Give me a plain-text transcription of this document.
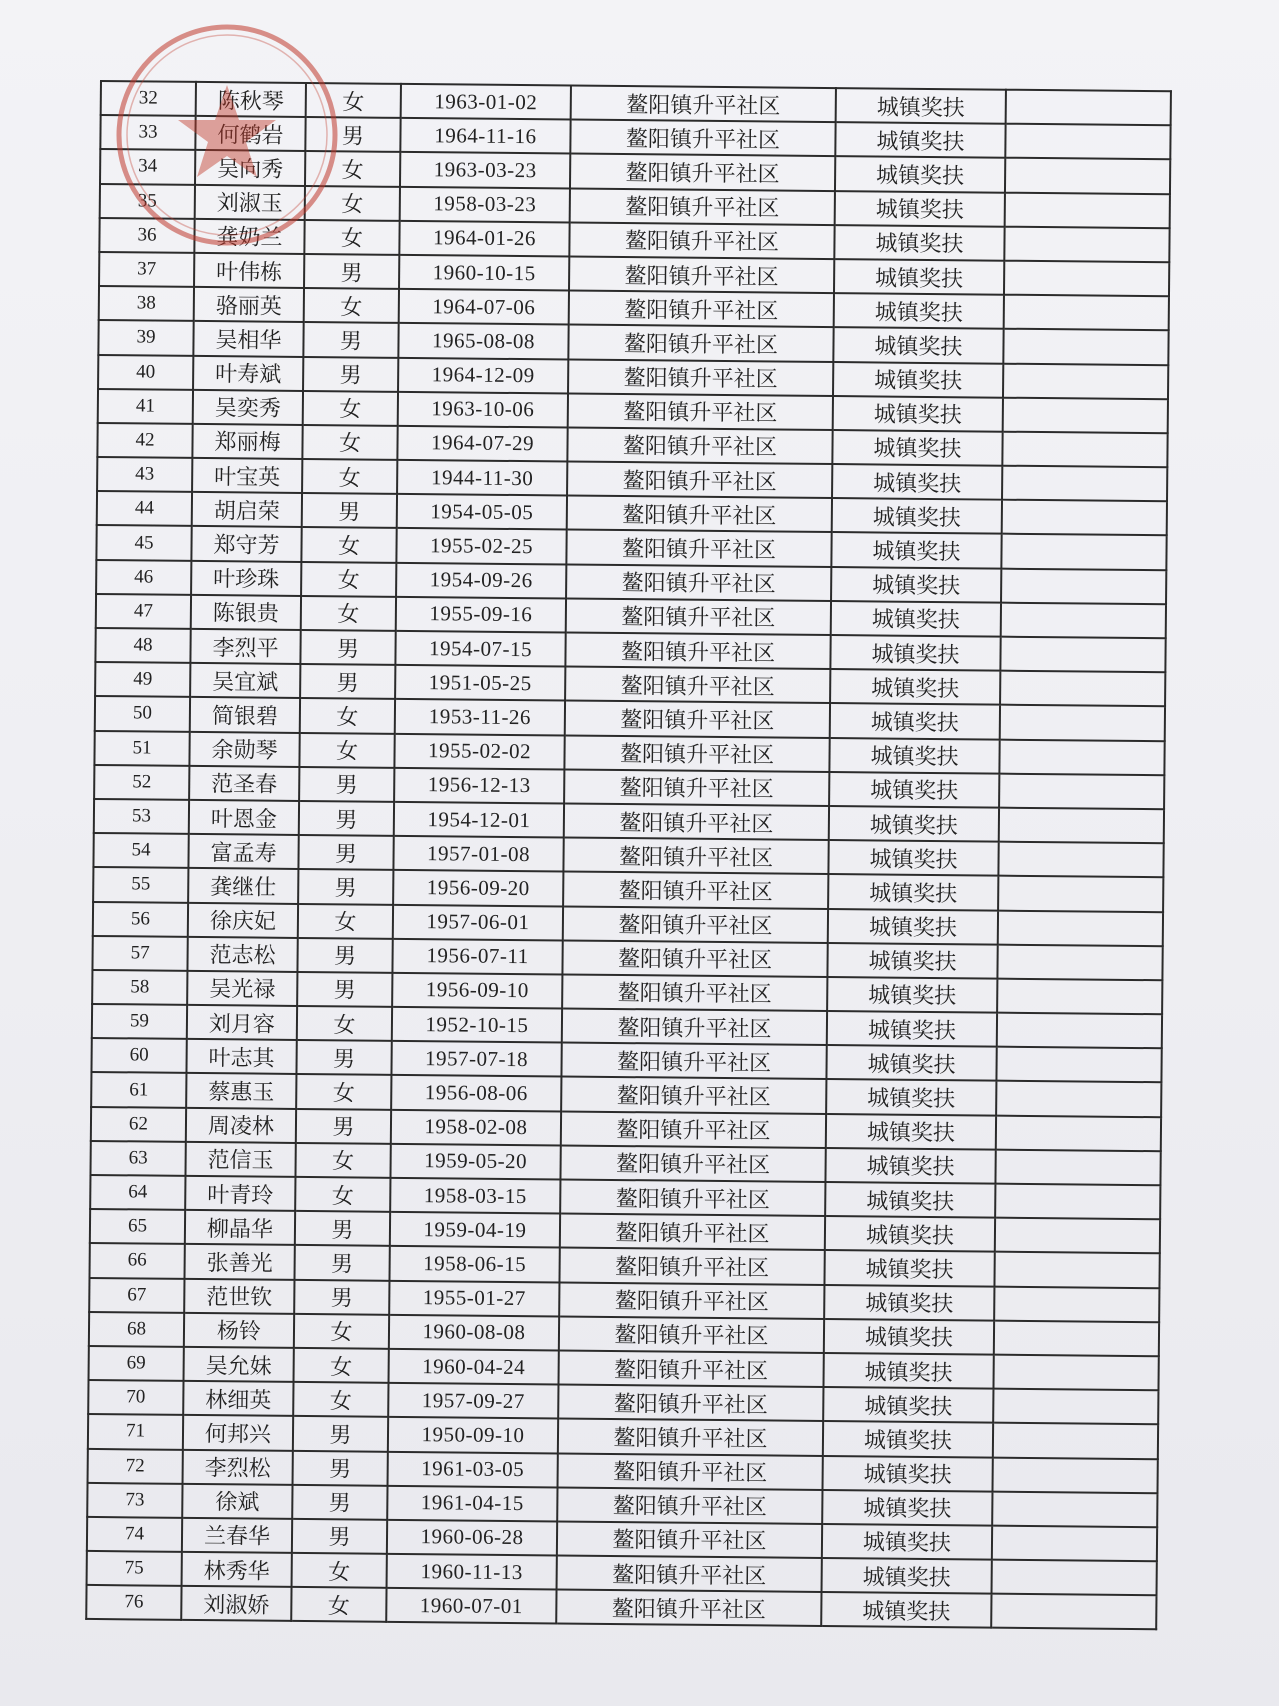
32	陈秋琴	女	1963-01-02	鳌阳镇升平社区	城镇奖扶	
33	何鹤岩	男	1964-11-16	鳌阳镇升平社区	城镇奖扶	
34	吴向秀	女	1963-03-23	鳌阳镇升平社区	城镇奖扶	
35	刘淑玉	女	1958-03-23	鳌阳镇升平社区	城镇奖扶	
36	龚奶兰	女	1964-01-26	鳌阳镇升平社区	城镇奖扶	
37	叶伟栋	男	1960-10-15	鳌阳镇升平社区	城镇奖扶	
38	骆丽英	女	1964-07-06	鳌阳镇升平社区	城镇奖扶	
39	吴相华	男	1965-08-08	鳌阳镇升平社区	城镇奖扶	
40	叶寿斌	男	1964-12-09	鳌阳镇升平社区	城镇奖扶	
41	吴奕秀	女	1963-10-06	鳌阳镇升平社区	城镇奖扶	
42	郑丽梅	女	1964-07-29	鳌阳镇升平社区	城镇奖扶	
43	叶宝英	女	1944-11-30	鳌阳镇升平社区	城镇奖扶	
44	胡启荣	男	1954-05-05	鳌阳镇升平社区	城镇奖扶	
45	郑守芳	女	1955-02-25	鳌阳镇升平社区	城镇奖扶	
46	叶珍珠	女	1954-09-26	鳌阳镇升平社区	城镇奖扶	
47	陈银贵	女	1955-09-16	鳌阳镇升平社区	城镇奖扶	
48	李烈平	男	1954-07-15	鳌阳镇升平社区	城镇奖扶	
49	吴宜斌	男	1951-05-25	鳌阳镇升平社区	城镇奖扶	
50	简银碧	女	1953-11-26	鳌阳镇升平社区	城镇奖扶	
51	余勋琴	女	1955-02-02	鳌阳镇升平社区	城镇奖扶	
52	范圣春	男	1956-12-13	鳌阳镇升平社区	城镇奖扶	
53	叶恩金	男	1954-12-01	鳌阳镇升平社区	城镇奖扶	
54	富孟寿	男	1957-01-08	鳌阳镇升平社区	城镇奖扶	
55	龚继仕	男	1956-09-20	鳌阳镇升平社区	城镇奖扶	
56	徐庆妃	女	1957-06-01	鳌阳镇升平社区	城镇奖扶	
57	范志松	男	1956-07-11	鳌阳镇升平社区	城镇奖扶	
58	吴光禄	男	1956-09-10	鳌阳镇升平社区	城镇奖扶	
59	刘月容	女	1952-10-15	鳌阳镇升平社区	城镇奖扶	
60	叶志其	男	1957-07-18	鳌阳镇升平社区	城镇奖扶	
61	蔡惠玉	女	1956-08-06	鳌阳镇升平社区	城镇奖扶	
62	周凌林	男	1958-02-08	鳌阳镇升平社区	城镇奖扶	
63	范信玉	女	1959-05-20	鳌阳镇升平社区	城镇奖扶	
64	叶青玲	女	1958-03-15	鳌阳镇升平社区	城镇奖扶	
65	柳晶华	男	1959-04-19	鳌阳镇升平社区	城镇奖扶	
66	张善光	男	1958-06-15	鳌阳镇升平社区	城镇奖扶	
67	范世钦	男	1955-01-27	鳌阳镇升平社区	城镇奖扶	
68	杨铃	女	1960-08-08	鳌阳镇升平社区	城镇奖扶	
69	吴允妹	女	1960-04-24	鳌阳镇升平社区	城镇奖扶	
70	林细英	女	1957-09-27	鳌阳镇升平社区	城镇奖扶	
71	何邦兴	男	1950-09-10	鳌阳镇升平社区	城镇奖扶	
72	李烈松	男	1961-03-05	鳌阳镇升平社区	城镇奖扶	
73	徐斌	男	1961-04-15	鳌阳镇升平社区	城镇奖扶	
74	兰春华	男	1960-06-28	鳌阳镇升平社区	城镇奖扶	
75	林秀华	女	1960-11-13	鳌阳镇升平社区	城镇奖扶	
76	刘淑娇	女	1960-07-01	鳌阳镇升平社区	城镇奖扶	
